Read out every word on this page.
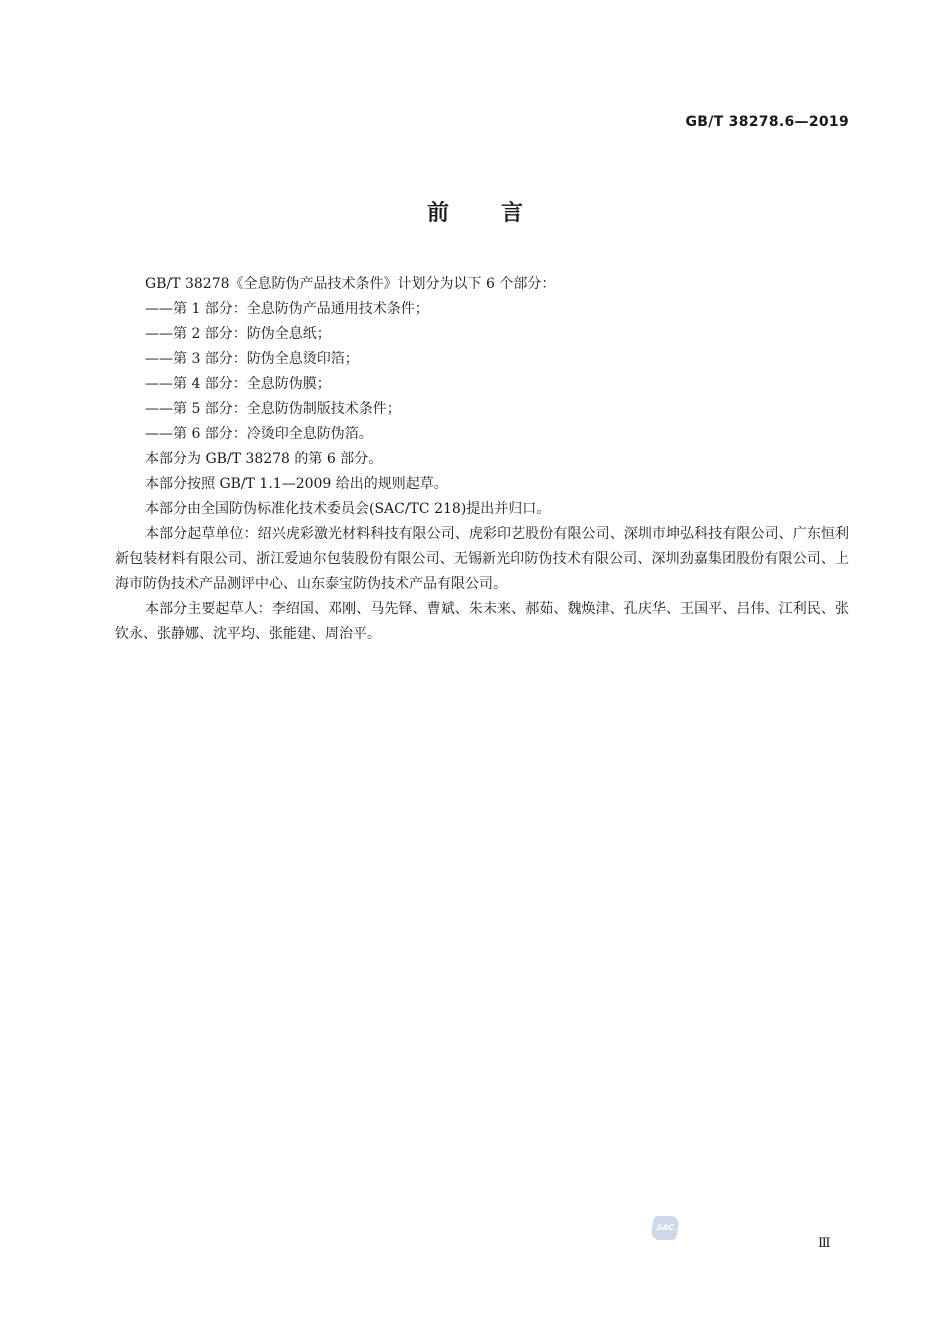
GB/T 38278.6—2019
前言

GB/T 38278《全息防伪产品技术条件》计划分为以下 6 个部分：

——第 1 部分：全息防伪产品通用技术条件；

——第 2 部分：防伪全息纸；

——第 3 部分：防伪全息烫印箔；

——第 4 部分：全息防伪膜；

——第 5 部分：全息防伪制版技术条件；

——第 6 部分：冷烫印全息防伪箔。

本部分为 GB/T 38278 的第 6 部分。

本部分按照 GB/T 1.1—2009 给出的规则起草。

本部分由全国防伪标准化技术委员会(SAC/TC 218)提出并归口。

本部分起草单位：绍兴虎彩激光材料科技有限公司、虎彩印艺股份有限公司、深圳市坤弘科技有限公司、广东恒利新包装材料有限公司、浙江爱迪尔包装股份有限公司、无锡新光印防伪技术有限公司、深圳劲嘉集团股份有限公司、上海市防伪技术产品测评中心、山东泰宝防伪技术产品有限公司。

本部分主要起草人：李绍国、邓刚、马先铎、曹斌、朱未来、郝茹、魏焕津、孔庆华、王国平、吕伟、江利民、张钦永、张静娜、沈平均、张能建、周治平。

SAC
Ⅲ
